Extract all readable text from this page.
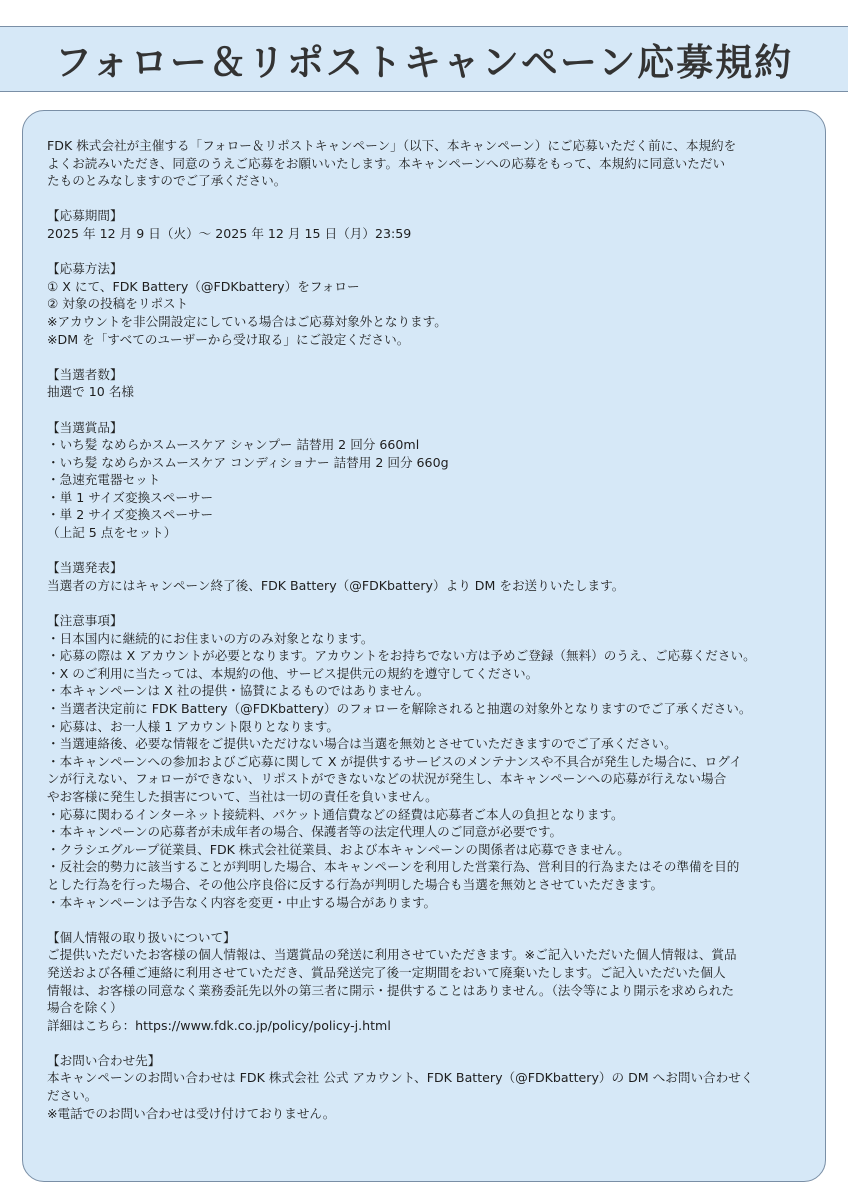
フォロー＆リポストキャンペーン応募規約

FDK 株式会社が主催する「フォロー＆リポストキャンペーン」（以下、本キャンペーン）にご応募いただく前に、本規約を
よくお読みいただき、同意のうえご応募をお願いいたします。本キャンペーンへの応募をもって、本規約に同意いただい
たものとみなしますのでご了承ください。

【応募期間】

2025 年 12 月 9 日（火）〜 2025 年 12 月 15 日（月）23:59

【応募方法】

① X にて、FDK Battery（@FDKbattery）をフォロー

② 対象の投稿をリポスト

※アカウントを非公開設定にしている場合はご応募対象外となります。

※DM を「すべてのユーザーから受け取る」にご設定ください。

【当選者数】

抽選で 10 名様

【当選賞品】

・いち髪 なめらかスムースケア シャンプー 詰替用 2 回分 660ml

・いち髪 なめらかスムースケア コンディショナー 詰替用 2 回分 660g

・急速充電器セット

・単 1 サイズ変換スペーサー

・単 2 サイズ変換スペーサー

（上記 5 点をセット）

【当選発表】

当選者の方にはキャンペーン終了後、FDK Battery（@FDKbattery）より DM をお送りいたします。

【注意事項】

・日本国内に継続的にお住まいの方のみ対象となります。

・応募の際は X アカウントが必要となります。アカウントをお持ちでない方は予めご登録（無料）のうえ、ご応募ください。

・X のご利用に当たっては、本規約の他、サービス提供元の規約を遵守してください。

・本キャンペーンは X 社の提供・協賛によるものではありません。

・当選者決定前に FDK Battery（@FDKbattery）のフォローを解除されると抽選の対象外となりますのでご了承ください。

・応募は、お一人様 1 アカウント限りとなります。

・当選連絡後、必要な情報をご提供いただけない場合は当選を無効とさせていただきますのでご了承ください。

・本キャンペーンへの参加およびご応募に関して X が提供するサービスのメンテナンスや不具合が発生した場合に、ログイ
ンが行えない、フォローができない、リポストができないなどの状況が発生し、本キャンペーンへの応募が行えない場合
やお客様に発生した損害について、当社は一切の責任を負いません。

・応募に関わるインターネット接続料、パケット通信費などの経費は応募者ご本人の負担となります。

・本キャンペーンの応募者が未成年者の場合、保護者等の法定代理人のご同意が必要です。

・クラシエグループ従業員、FDK 株式会社従業員、および本キャンペーンの関係者は応募できません。

・反社会的勢力に該当することが判明した場合、本キャンペーンを利用した営業行為、営利目的行為またはその準備を目的
とした行為を行った場合、その他公序良俗に反する行為が判明した場合も当選を無効とさせていただきます。

・本キャンペーンは予告なく内容を変更・中止する場合があります。

【個人情報の取り扱いについて】

ご提供いただいたお客様の個人情報は、当選賞品の発送に利用させていただきます。※ご記入いただいた個人情報は、賞品
発送および各種ご連絡に利用させていただき、賞品発送完了後一定期間をおいて廃棄いたします。ご記入いただいた個人
情報は、お客様の同意なく業務委託先以外の第三者に開示・提供することはありません。（法令等により開示を求められた
場合を除く）

詳細はこちら：https://www.fdk.co.jp/policy/policy-j.html

【お問い合わせ先】

本キャンペーンのお問い合わせは FDK 株式会社 公式 アカウント、FDK Battery（@FDKbattery）の DM へお問い合わせく
ださい。

※電話でのお問い合わせは受け付けておりません。
